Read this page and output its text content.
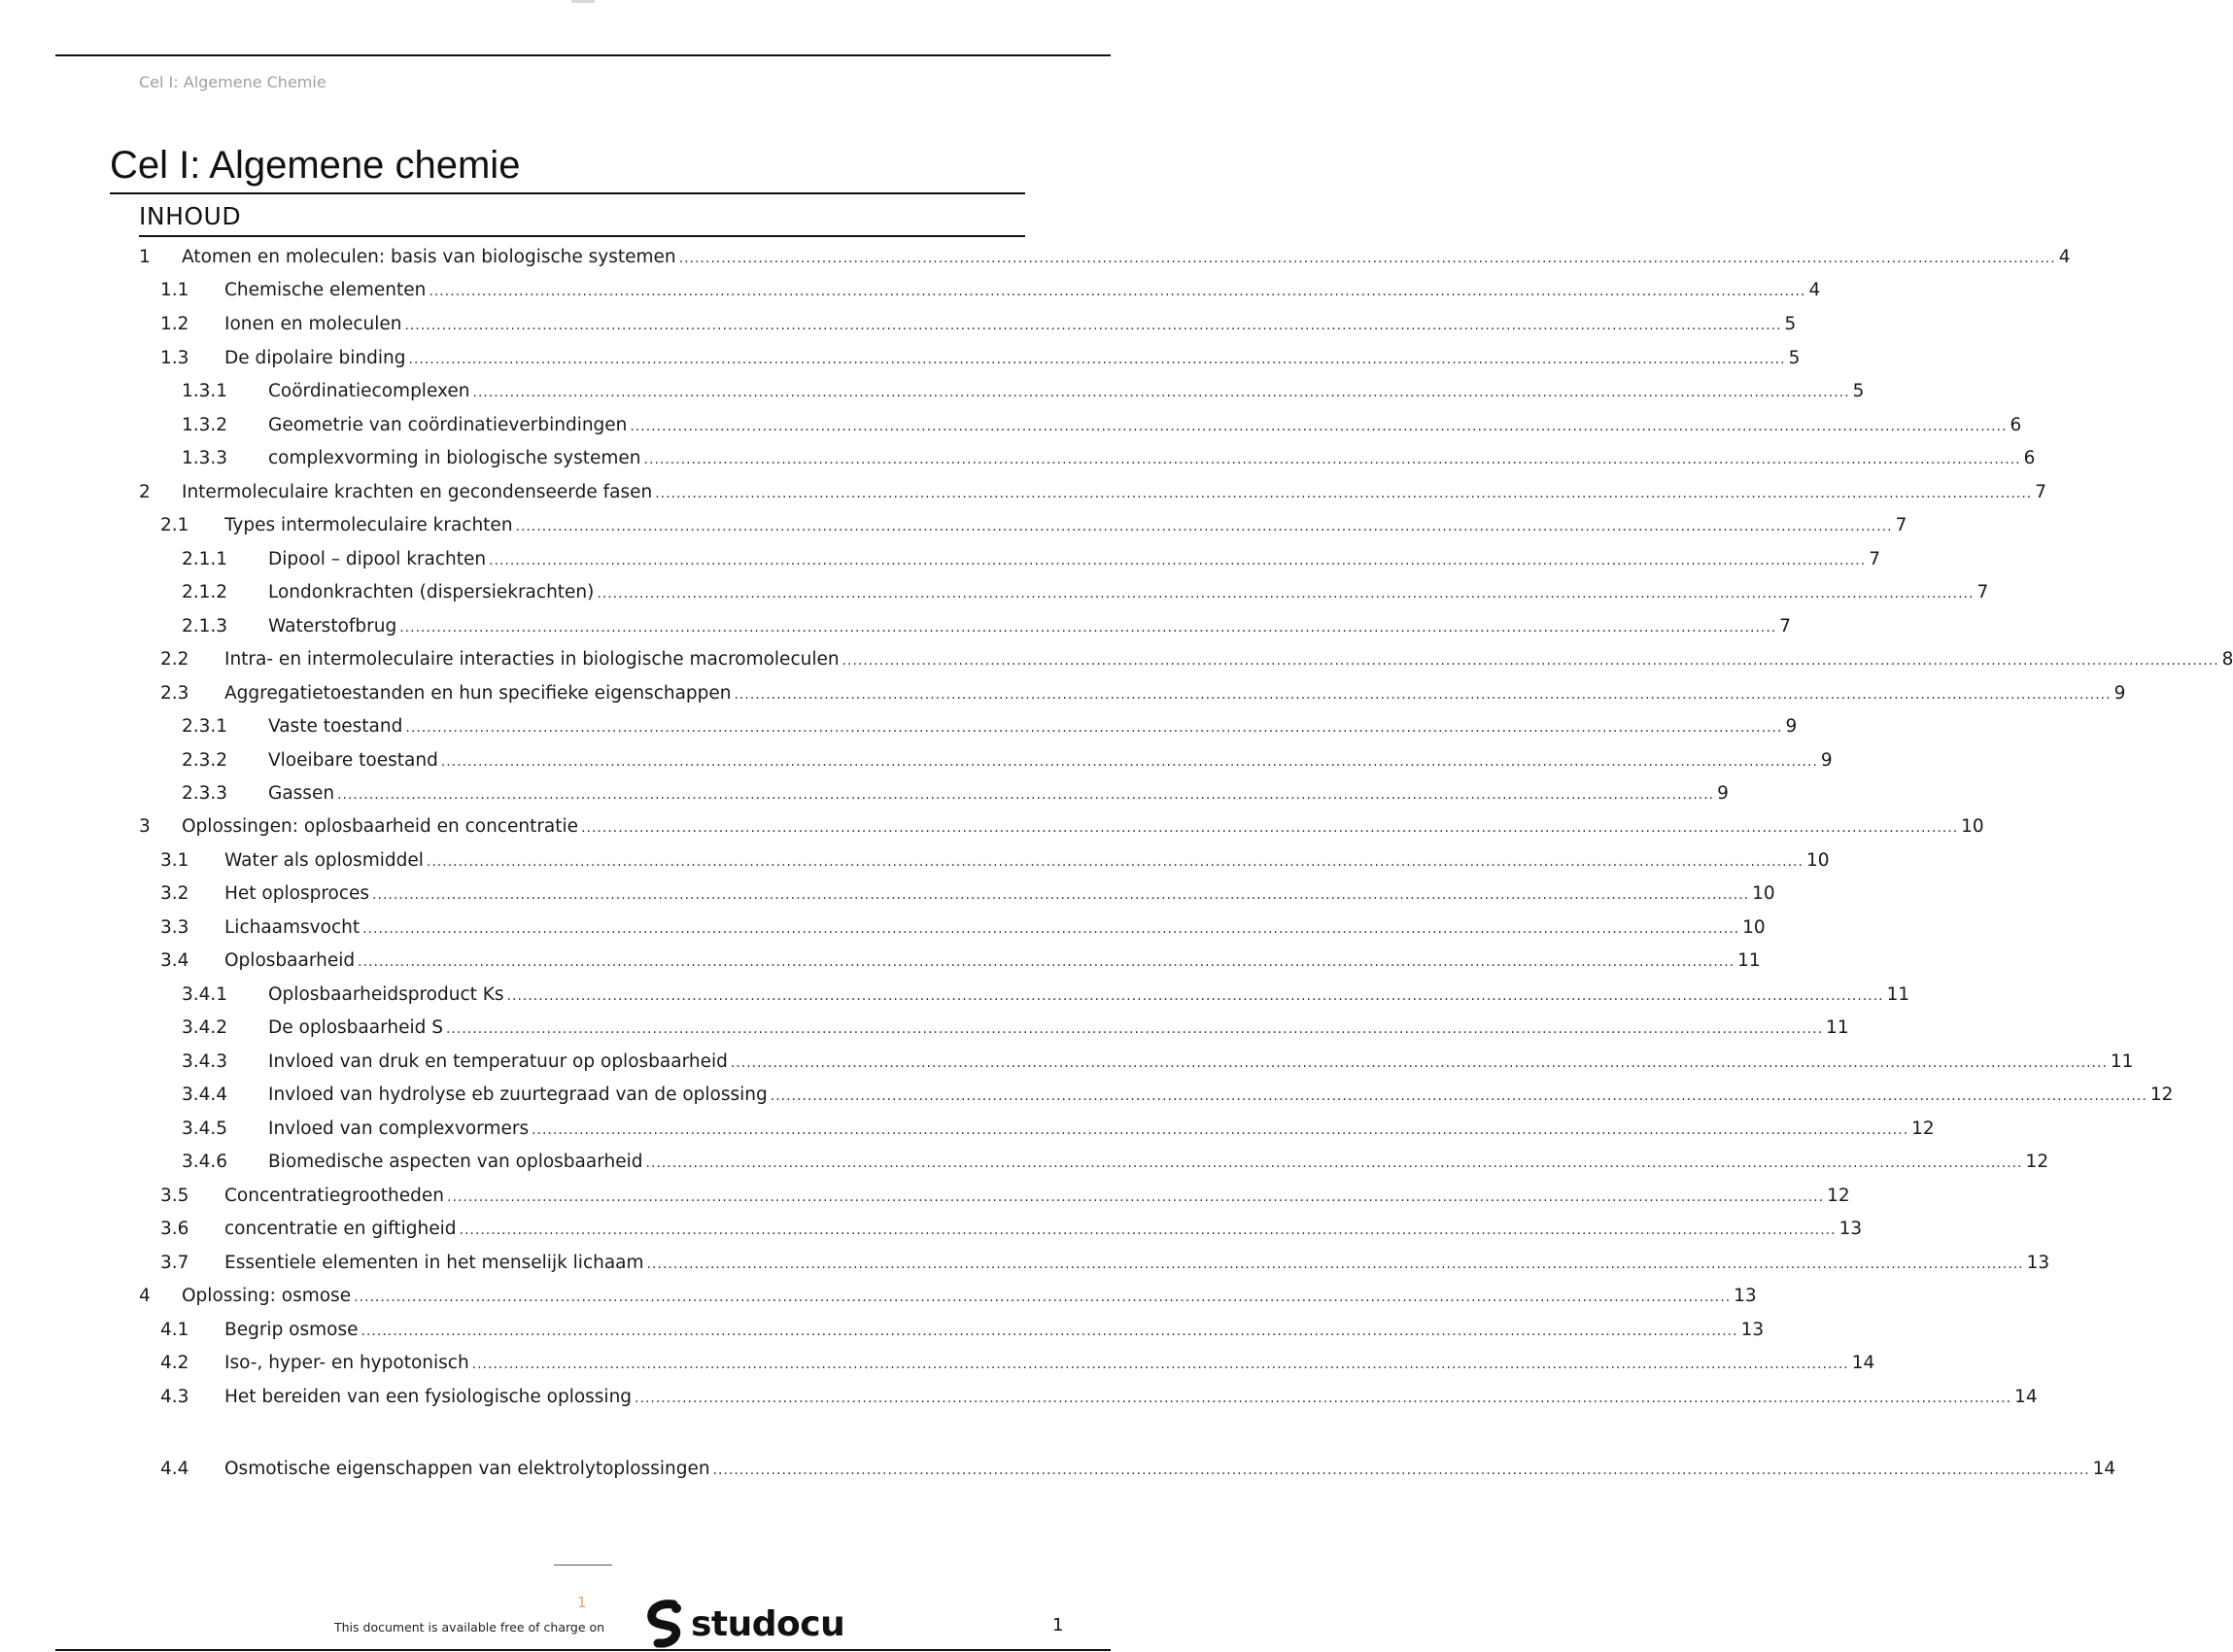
Cel I: Algemene Chemie
Cel I: Algemene chemie
INHOUD
1	Atomen en moleculen: basis van biologische systemen .................................................................................................................................................................................................................................................................... 4
1.1	Chemische elementen .................................................................................................................................................................................................................................................................... 4
1.2	Ionen en moleculen .................................................................................................................................................................................................................................................................... 5
1.3	De dipolaire binding .................................................................................................................................................................................................................................................................... 5
1.3.1	Coördinatiecomplexen .................................................................................................................................................................................................................................................................... 5
1.3.2	Geometrie van coördinatieverbindingen .................................................................................................................................................................................................................................................................... 6
1.3.3	complexvorming in biologische systemen .................................................................................................................................................................................................................................................................... 6
2	Intermoleculaire krachten en gecondenseerde fasen .................................................................................................................................................................................................................................................................... 7
2.1	Types intermoleculaire krachten .................................................................................................................................................................................................................................................................... 7
2.1.1	Dipool – dipool krachten .................................................................................................................................................................................................................................................................... 7
2.1.2	Londonkrachten (dispersiekrachten) .................................................................................................................................................................................................................................................................... 7
2.1.3	Waterstofbrug .................................................................................................................................................................................................................................................................... 7
2.2	Intra- en intermoleculaire interacties in biologische macromoleculen .................................................................................................................................................................................................................................................................... 8
2.3	Aggregatietoestanden en hun specifieke eigenschappen .................................................................................................................................................................................................................................................................... 9
2.3.1	Vaste toestand .................................................................................................................................................................................................................................................................... 9
2.3.2	Vloeibare toestand .................................................................................................................................................................................................................................................................... 9
2.3.3	Gassen .................................................................................................................................................................................................................................................................... 9
3	Oplossingen: oplosbaarheid en concentratie .................................................................................................................................................................................................................................................................... 10
3.1	Water als oplosmiddel .................................................................................................................................................................................................................................................................... 10
3.2	Het oplosproces .................................................................................................................................................................................................................................................................... 10
3.3	Lichaamsvocht .................................................................................................................................................................................................................................................................... 10
3.4	Oplosbaarheid .................................................................................................................................................................................................................................................................... 11
3.4.1	Oplosbaarheidsproduct Ks .................................................................................................................................................................................................................................................................... 11
3.4.2	De oplosbaarheid S .................................................................................................................................................................................................................................................................... 11
3.4.3	Invloed van druk en temperatuur op oplosbaarheid .................................................................................................................................................................................................................................................................... 11
3.4.4	Invloed van hydrolyse eb zuurtegraad van de oplossing .................................................................................................................................................................................................................................................................... 12
3.4.5	Invloed van complexvormers .................................................................................................................................................................................................................................................................... 12
3.4.6	Biomedische aspecten van oplosbaarheid .................................................................................................................................................................................................................................................................... 12
3.5	Concentratiegrootheden .................................................................................................................................................................................................................................................................... 12
3.6	concentratie en giftigheid .................................................................................................................................................................................................................................................................... 13
3.7	Essentiele elementen in het menselijk lichaam .................................................................................................................................................................................................................................................................... 13
4	Oplossing: osmose .................................................................................................................................................................................................................................................................... 13
4.1	Begrip osmose .................................................................................................................................................................................................................................................................... 13
4.2	Iso-, hyper- en hypotonisch .................................................................................................................................................................................................................................................................... 14
4.3	Het bereiden van een fysiologische oplossing .................................................................................................................................................................................................................................................................... 14
4.4	Osmotische eigenschappen van elektrolytoplossingen .................................................................................................................................................................................................................................................................... 14
1
This document is available free of charge on studocu	1
